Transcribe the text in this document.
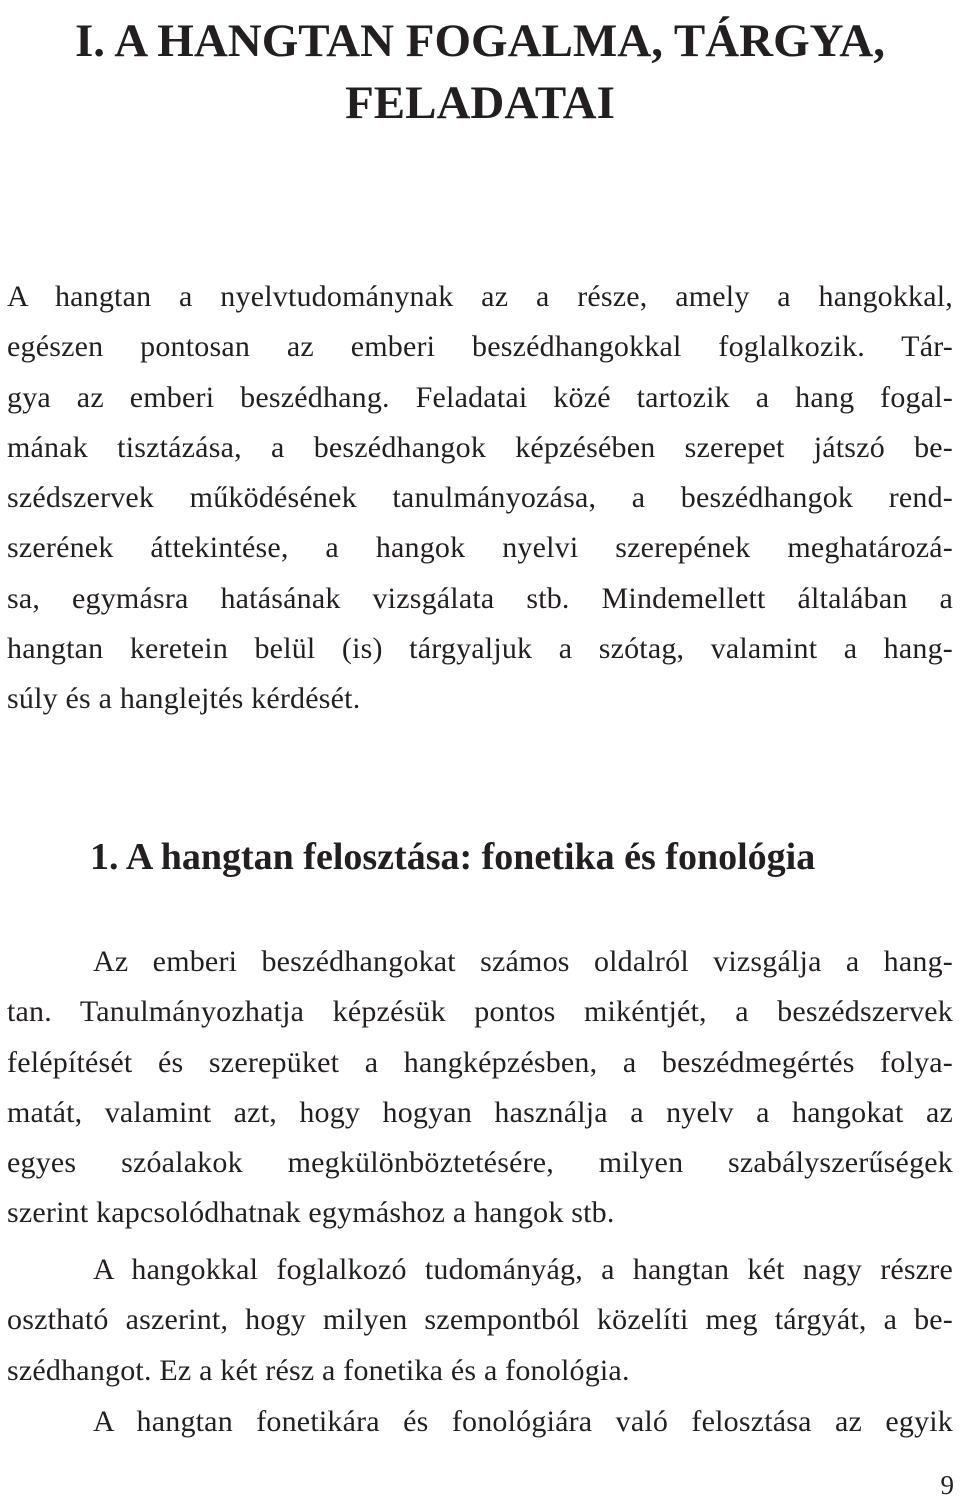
I. A HANGTAN FOGALMA, TÁRGYA,
FELADATAI

A hangtan a nyelvtudománynak az a része, amely a hangokkal,
egészen pontosan az emberi beszédhangokkal foglalkozik. Tár-
gya az emberi beszédhang. Feladatai közé tartozik a hang fogal-
mának tisztázása, a beszédhangok képzésében szerepet játszó be-
szédszervek működésének tanulmányozása, a beszédhangok rend-
szerének áttekintése, a hangok nyelvi szerepének meghatározá-
sa, egymásra hatásának vizsgálata stb. Mindemellett általában a
hangtan keretein belül (is) tárgyaljuk a szótag, valamint a hang-
súly és a hanglejtés kérdését.

1. A hangtan felosztása: fonetika és fonológia

Az emberi beszédhangokat számos oldalról vizsgálja a hang-
tan. Tanulmányozhatja képzésük pontos mikéntjét, a beszédszervek
felépítését és szerepüket a hangképzésben, a beszédmegértés folya-
matát, valamint azt, hogy hogyan használja a nyelv a hangokat az
egyes szóalakok megkülönböztetésére, milyen szabályszerűségek
szerint kapcsolódhatnak egymáshoz a hangok stb.

A hangokkal foglalkozó tudományág, a hangtan két nagy részre
osztható aszerint, hogy milyen szempontból közelíti meg tárgyát, a be-
szédhangot. Ez a két rész a fonetika és a fonológia.

A hangtan fonetikára és fonológiára való felosztása az egyik

9
